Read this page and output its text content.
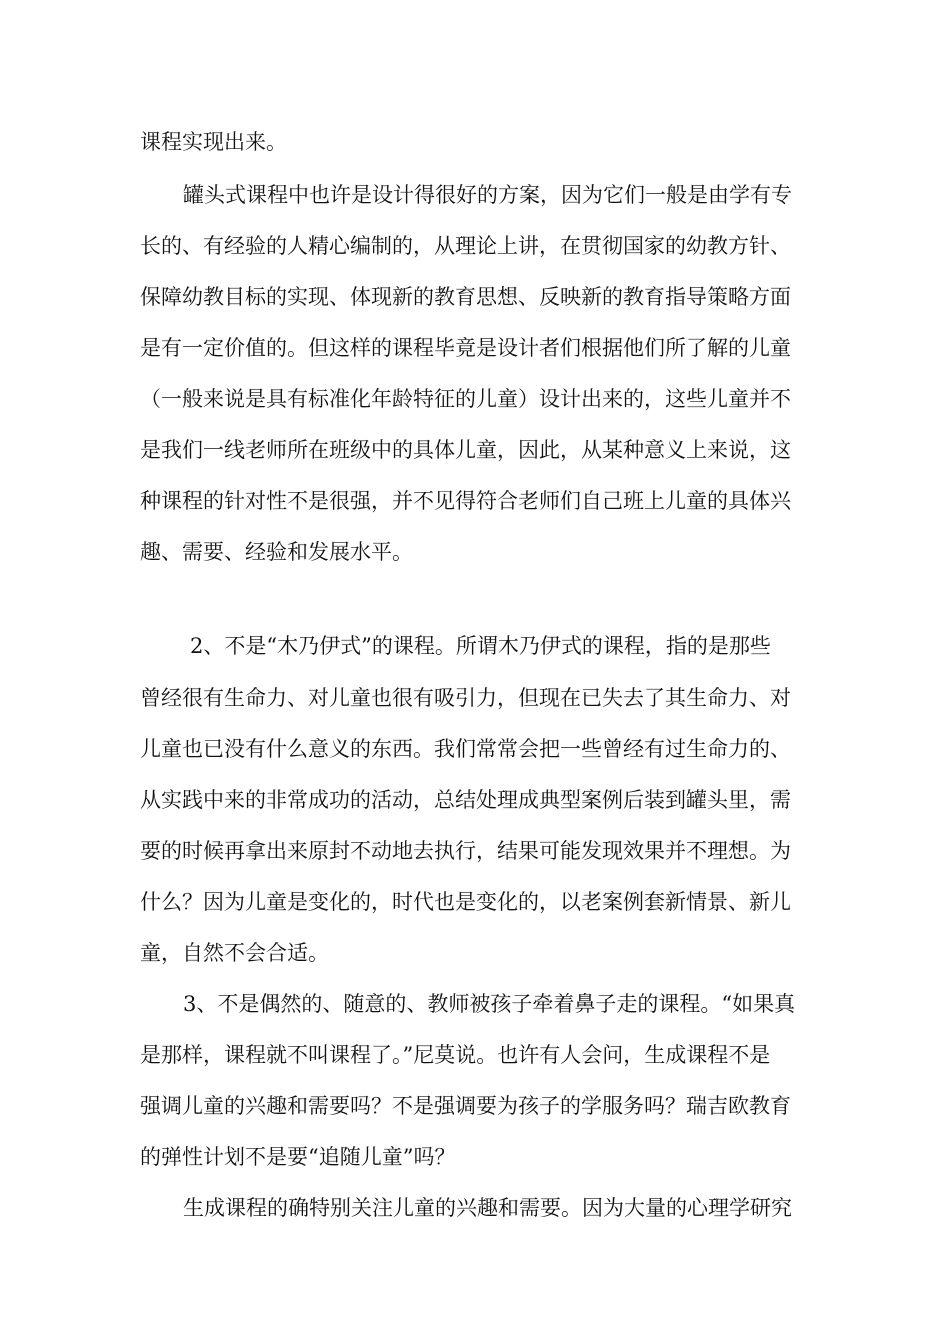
课程实现出来。
罐头式课程中也许是设计得很好的方案，因为它们一般是由学有专
长的、有经验的人精心编制的，从理论上讲，在贯彻国家的幼教方针、
保障幼教目标的实现、体现新的教育思想、反映新的教育指导策略方面
是有一定价值的。但这样的课程毕竟是设计者们根据他们所了解的儿童
（一般来说是具有标准化年龄特征的儿童）设计出来的，这些儿童并不
是我们一线老师所在班级中的具体儿童，因此，从某种意义上来说，这
种课程的针对性不是很强，并不见得符合老师们自己班上儿童的具体兴
趣、需要、经验和发展水平。
2、不是“木乃伊式”的课程。所谓木乃伊式的课程，指的是那些
曾经很有生命力、对儿童也很有吸引力，但现在已失去了其生命力、对
儿童也已没有什么意义的东西。我们常常会把一些曾经有过生命力的、
从实践中来的非常成功的活动，总结处理成典型案例后装到罐头里，需
要的时候再拿出来原封不动地去执行，结果可能发现效果并不理想。为
什么？因为儿童是变化的，时代也是变化的，以老案例套新情景、新儿
童，自然不会合适。
3、不是偶然的、随意的、教师被孩子牵着鼻子走的课程。“如果真
是那样，课程就不叫课程了。”尼莫说。也许有人会问，生成课程不是
强调儿童的兴趣和需要吗？不是强调要为孩子的学服务吗？瑞吉欧教育
的弹性计划不是要“追随儿童”吗？
生成课程的确特别关注儿童的兴趣和需要。因为大量的心理学研究
